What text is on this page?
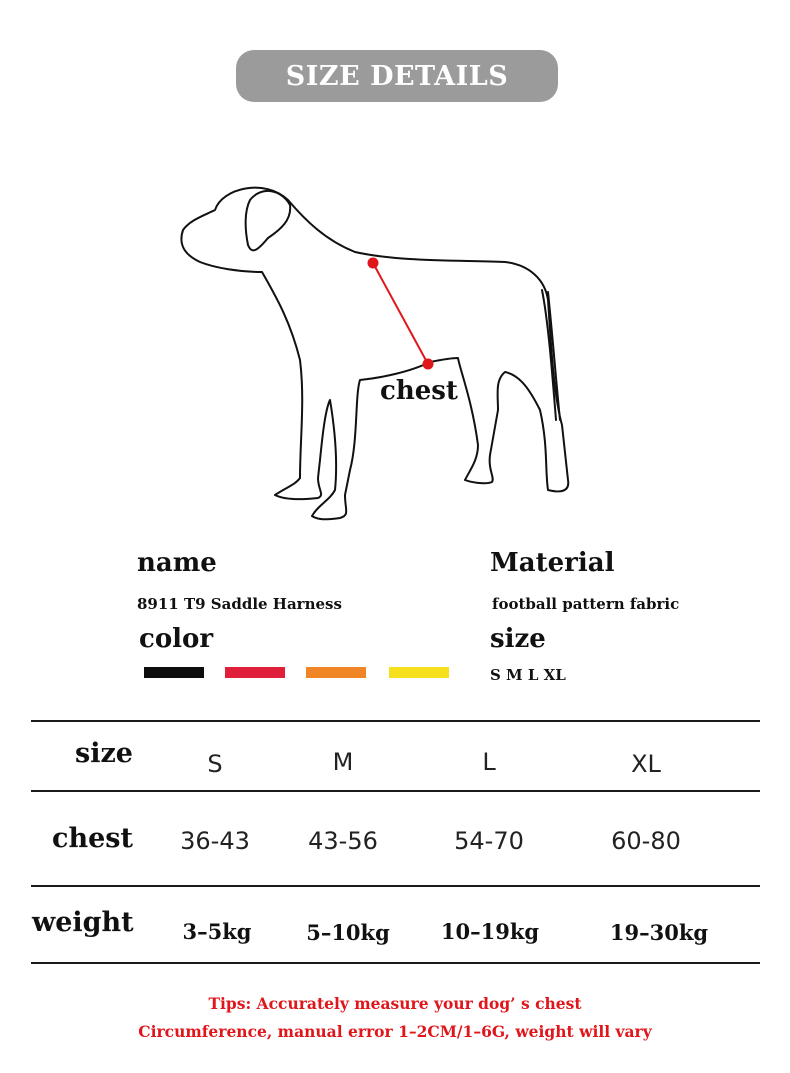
SIZE DETAILS
chest
name
8911 T9 Saddle Harness
Material
football pattern fabric
color	size
S M L XL
size	S	M	L	XL
chest 36-43 43-56	54-70	60-80
weight 3–5kg	5–10kg 10–19kg	19–30kg
Tips: Accurately measure your dog’ s chest
Circumference, manual error 1–2CM/1–6G, weight will vary
